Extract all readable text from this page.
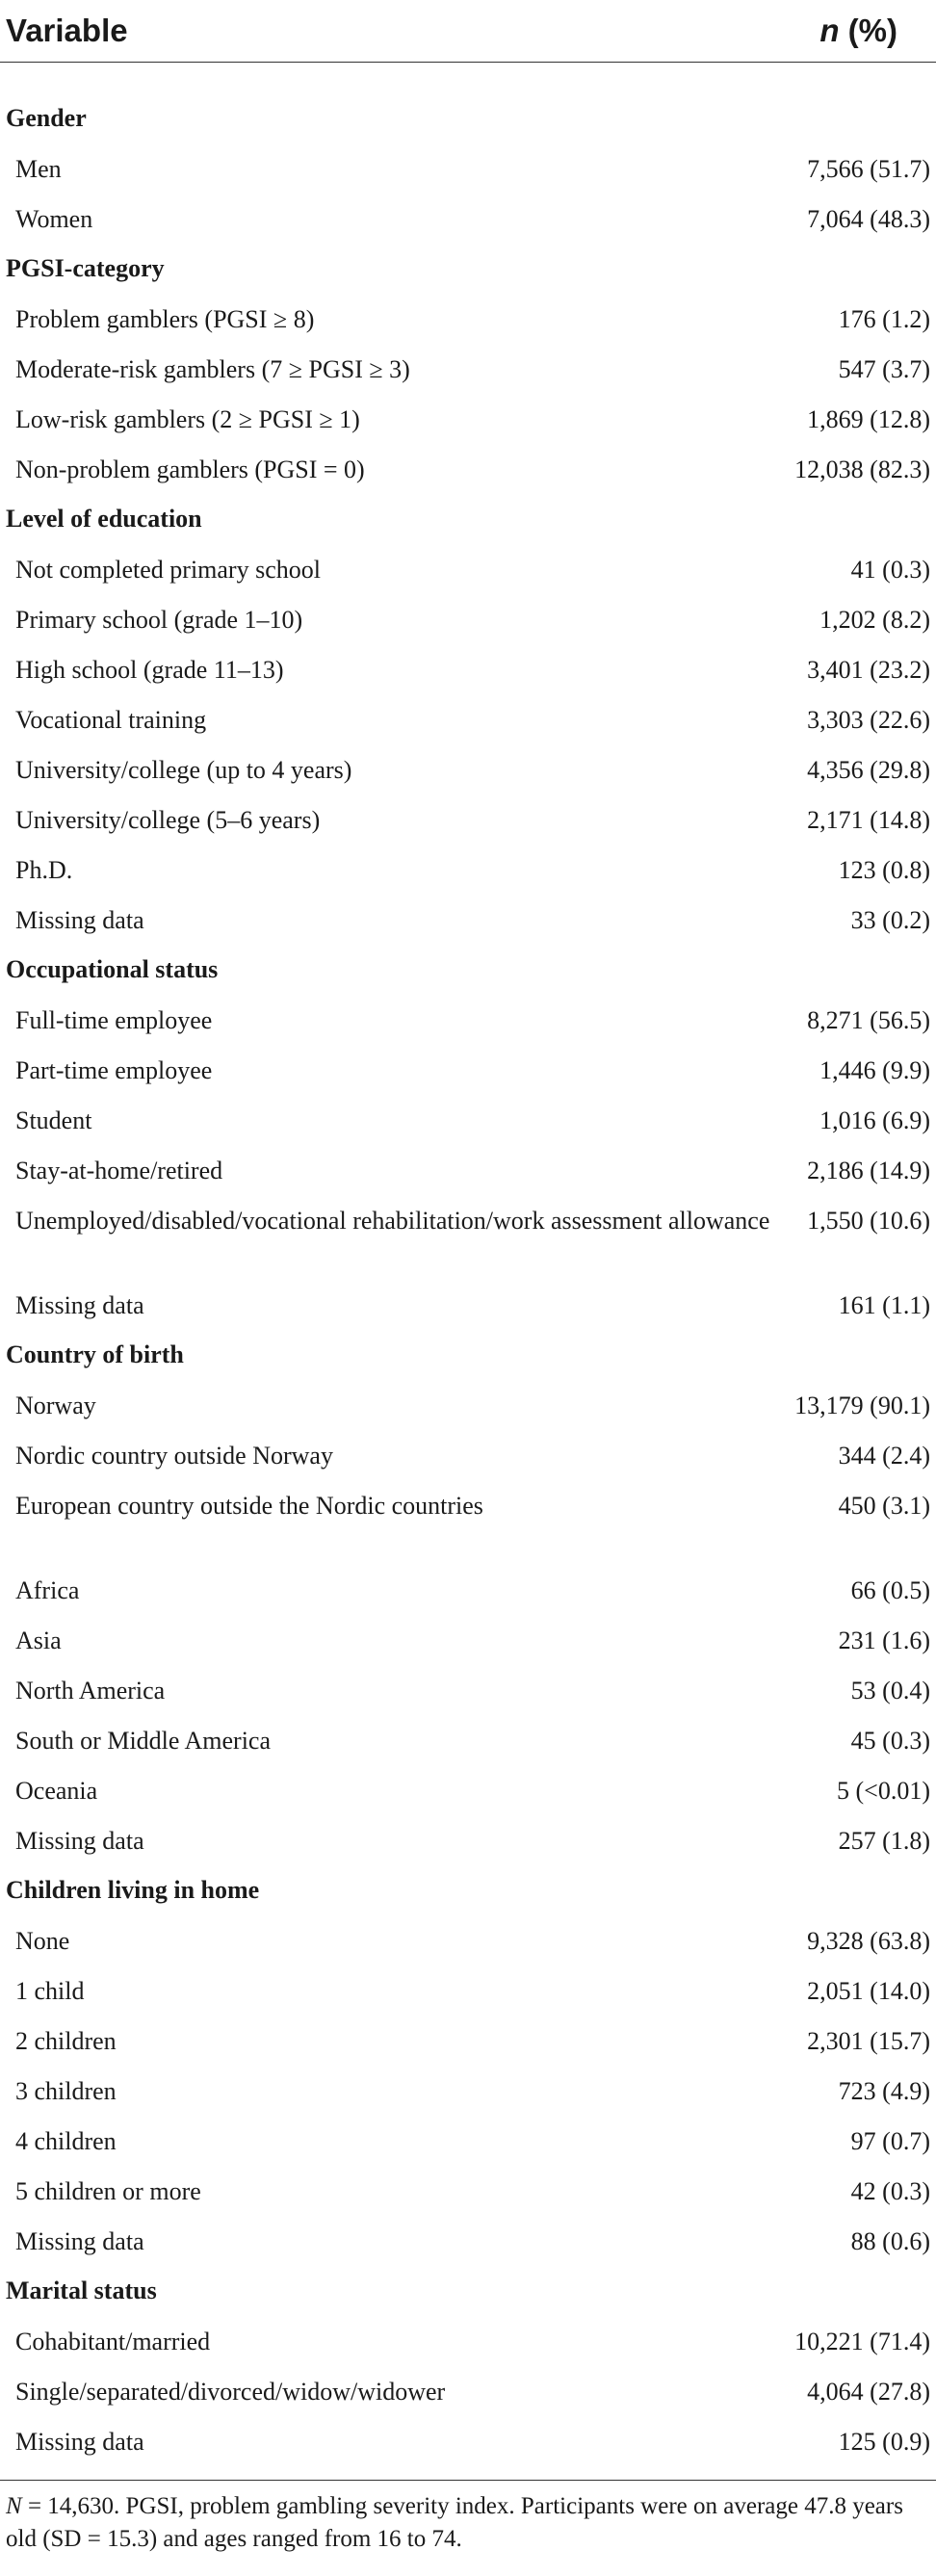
Variable	n (%)
Gender
Men	7,566 (51.7)
Women	7,064 (48.3)
PGSI-category
Problem gamblers (PGSI ≥ 8)	176 (1.2)
Moderate-risk gamblers (7 ≥ PGSI ≥ 3)	547 (3.7)
Low-risk gamblers (2 ≥ PGSI ≥ 1)	1,869 (12.8)
Non-problem gamblers (PGSI = 0)	12,038 (82.3)
Level of education
Not completed primary school	41 (0.3)
Primary school (grade 1–10)	1,202 (8.2)
High school (grade 11–13)	3,401 (23.2)
Vocational training	3,303 (22.6)
University/college (up to 4 years)	4,356 (29.8)
University/college (5–6 years)	2,171 (14.8)
Ph.D.	123 (0.8)
Missing data	33 (0.2)
Occupational status
Full-time employee	8,271 (56.5)
Part-time employee	1,446 (9.9)
Student	1,016 (6.9)
Stay-at-home/retired	2,186 (14.9)
Unemployed/disabled/vocational rehabilitation/work assessment allowance	1,550 (10.6)
Missing data	161 (1.1)
Country of birth
Norway	13,179 (90.1)
Nordic country outside Norway	344 (2.4)
European country outside the Nordic countries	450 (3.1)
Africa	66 (0.5)
Asia	231 (1.6)
North America	53 (0.4)
South or Middle America	45 (0.3)
Oceania	5 (<0.01)
Missing data	257 (1.8)
Children living in home
None	9,328 (63.8)
1 child	2,051 (14.0)
2 children	2,301 (15.7)
3 children	723 (4.9)
4 children	97 (0.7)
5 children or more	42 (0.3)
Missing data	88 (0.6)
Marital status
Cohabitant/married	10,221 (71.4)
Single/separated/divorced/widow/widower	4,064 (27.8)
Missing data	125 (0.9)
N = 14,630. PGSI, problem gambling severity index. Participants were on average 47.8 years old (SD = 15.3) and ages ranged from 16 to 74.
